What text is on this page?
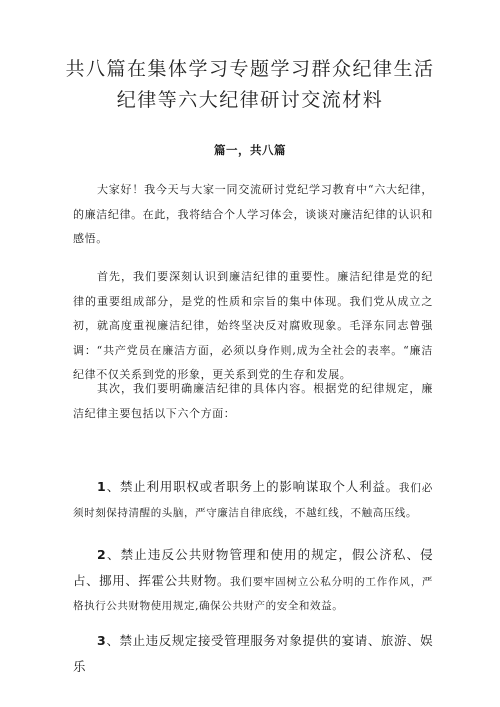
共八篇在集体学习专题学习群众纪律生活
纪律等六大纪律研讨交流材料
篇一，共八篇

大家好！我今天与大家一同交流研讨党纪学习教育中“六大纪律，的廉洁纪律。在此，我将结合个人学习体会，谈谈对廉洁纪律的认识和感悟。

首先，我们要深刻认识到廉洁纪律的重要性。廉洁纪律是党的纪律的重要组成部分，是党的性质和宗旨的集中体现。我们党从成立之初，就高度重视廉洁纪律，始终坚决反对腐败现象。毛泽东同志曾强调：“共产党员在廉洁方面，必须以身作则,成为全社会的表率。“廉洁纪律不仅关系到党的形象，更关系到党的生存和发展。

其次，我们要明确廉洁纪律的具体内容。根据党的纪律规定，廉洁纪律主要包括以下六个方面：

1、禁止利用职权或者职务上的影响谋取个人利益。我们必须时刻保持清醒的头脑，严守廉洁自律底线，不越红线，不触高压线。

2、禁止违反公共财物管理和使用的规定，假公济私、侵占、挪用、挥霍公共财物。我们要牢固树立公私分明的工作作风，严格执行公共财物使用规定,确保公共财产的安全和效益。

3、禁止违反规定接受管理服务对象提供的宴请、旅游、娱乐
